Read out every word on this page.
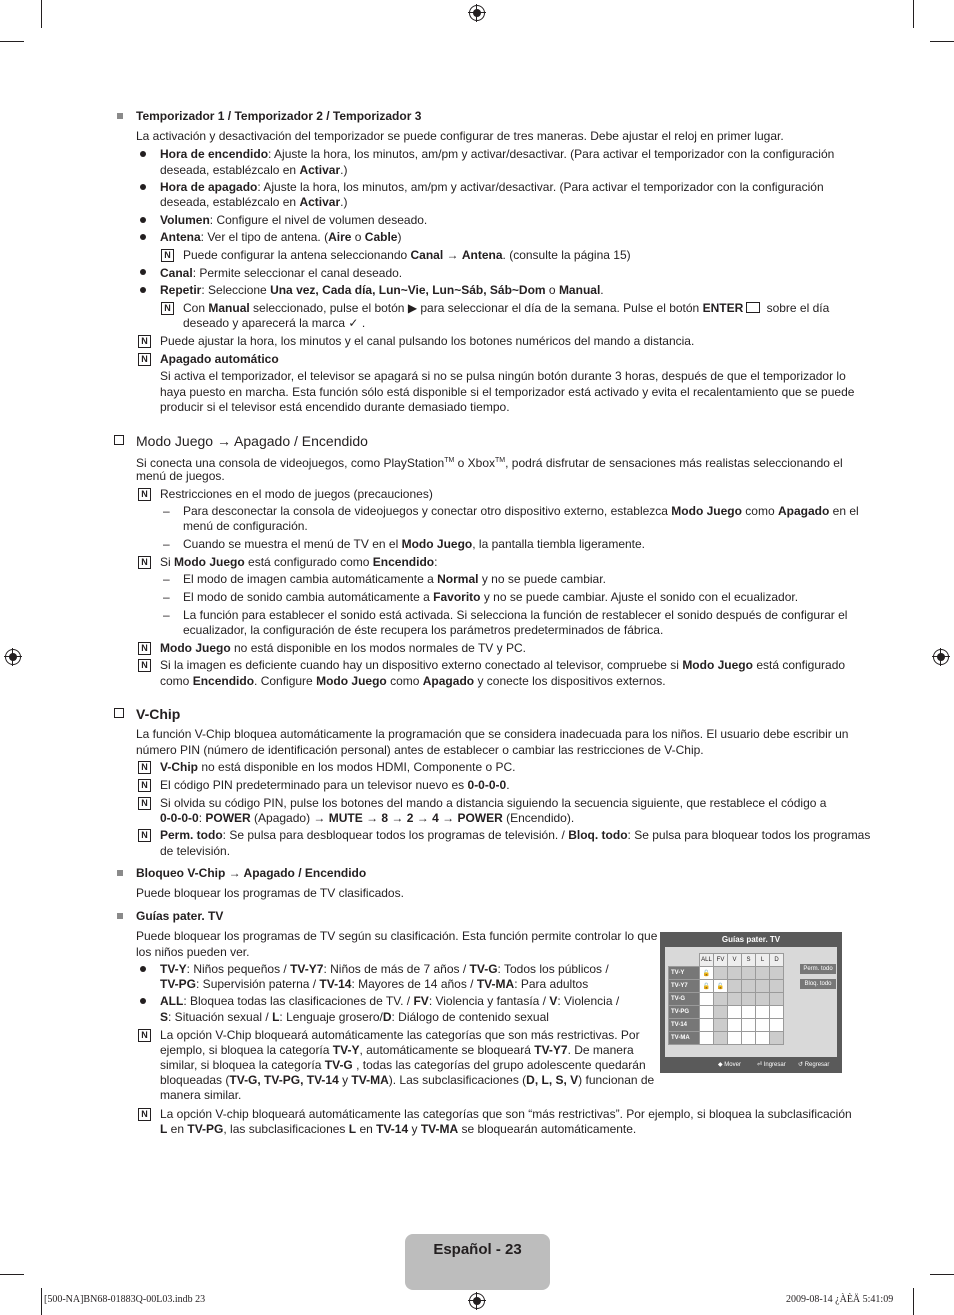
Temporizador 1 / Temporizador 2 / Temporizador 3
La activación y desactivación del temporizador se puede configurar de tres maneras. Debe ajustar el reloj en primer lugar.
Hora de encendido: Ajuste la hora, los minutos, am/pm y activar/desactivar. (Para activar el temporizador con la configuración
deseada, establézcalo en Activar.)
Hora de apagado: Ajuste la hora, los minutos, am/pm y activar/desactivar. (Para activar el temporizador con la configuración
deseada, establézcalo en Activar.)
Volumen: Configure el nivel de volumen deseado.
Antena: Ver el tipo de antena. (Aire o Cable)
N Puede configurar la antena seleccionando Canal → Antena. (consulte la página 15)
Canal: Permite seleccionar el canal deseado.
Repetir: Seleccione Una vez, Cada día, Lun~Vie, Lun~Sáb, Sáb~Dom o Manual.
N Con Manual seleccionado, pulse el botón ▶ para seleccionar el día de la semana. Pulse el botón ENTER sobre el día
deseado y aparecerá la marca ✓ .
N Puede ajustar la hora, los minutos y el canal pulsando los botones numéricos del mando a distancia.
N Apagado automático
Si activa el temporizador, el televisor se apagará si no se pulsa ningún botón durante 3 horas, después de que el temporizador lo
haya puesto en marcha. Esta función sólo está disponible si el temporizador está activado y evita el recalentamiento que se puede
producir si el televisor está encendido durante demasiado tiempo.
Modo Juego → Apagado / Encendido
Si conecta una consola de videojuegos, como PlayStation™ o Xbox™, podrá disfrutar de sensaciones más realistas seleccionando el
menú de juegos.
N Restricciones en el modo de juegos (precauciones)
– Para desconectar la consola de videojuegos y conectar otro dispositivo externo, establezca Modo Juego como Apagado en el
menú de configuración.
– Cuando se muestra el menú de TV en el Modo Juego, la pantalla tiembla ligeramente.
N Si Modo Juego está configurado como Encendido:
– El modo de imagen cambia automáticamente a Normal y no se puede cambiar.
– El modo de sonido cambia automáticamente a Favorito y no se puede cambiar. Ajuste el sonido con el ecualizador.
– La función para establecer el sonido está activada. Si selecciona la función de restablecer el sonido después de configurar el
ecualizador, la configuración de éste recupera los parámetros predeterminados de fábrica.
N Modo Juego no está disponible en los modos normales de TV y PC.
N Si la imagen es deficiente cuando hay un dispositivo externo conectado al televisor, compruebe si Modo Juego está configurado
como Encendido. Configure Modo Juego como Apagado y conecte los dispositivos externos.
V-Chip
La función V-Chip bloquea automáticamente la programación que se considera inadecuada para los niños. El usuario debe escribir un
número PIN (número de identificación personal) antes de establecer o cambiar las restricciones de V-Chip.
N V-Chip no está disponible en los modos HDMI, Componente o PC.
N El código PIN predeterminado para un televisor nuevo es 0-0-0-0.
N Si olvida su código PIN, pulse los botones del mando a distancia siguiendo la secuencia siguiente, que restablece el código a
0-0-0-0: POWER (Apagado) → MUTE → 8 → 2 → 4 → POWER (Encendido).
N Perm. todo: Se pulsa para desbloquear todos los programas de televisión. / Bloq. todo: Se pulsa para bloquear todos los programas
de televisión.
Bloqueo V-Chip → Apagado / Encendido
Puede bloquear los programas de TV clasificados.
Guías pater. TV
Puede bloquear los programas de TV según su clasificación. Esta función permite controlar lo que
los niños pueden ver.
TV-Y: Niños pequeños / TV-Y7: Niños de más de 7 años / TV-G: Todos los públicos /
TV-PG: Supervisión paterna / TV-14: Mayores de 14 años / TV-MA: Para adultos
ALL: Bloquea todas las clasificaciones de TV. / FV: Violencia y fantasía / V: Violencia /
S: Situación sexual / L: Lenguaje grosero/D: Diálogo de contenido sexual
N La opción V-Chip bloqueará automáticamente las categorías que son más restrictivas. Por
ejemplo, si bloquea la categoría TV-Y, automáticamente se bloqueará TV-Y7. De manera
similar, si bloquea la categoría TV-G , todas las categorías del grupo adolescente quedarán
bloqueadas (TV-G, TV-PG, TV-14 y TV-MA). Las subclasificaciones (D, L, S, V) funcionan de
manera similar.
N La opción V-chip bloqueará automáticamente las categorías que son “más restrictivas”. Por ejemplo, si bloquea la subclasificación
L en TV-PG, las subclasificaciones L en TV-14 y TV-MA se bloquearán automáticamente.
Guías pater. TV
	ALL	FV	V	S	L	D
TV-Y	🔓					
TV-Y7	🔓	🔓				
TV-G						
TV-PG						
TV-14						
TV-MA						
Perm. todo
Bloq. todo
◆ Mover	⏎ Ingresar ↺ Regresar
Español - 23
[500-NA]BN68-01883Q-00L03.indb 23	2009-08-14 ¿ÀÈÄ 5:41:09
